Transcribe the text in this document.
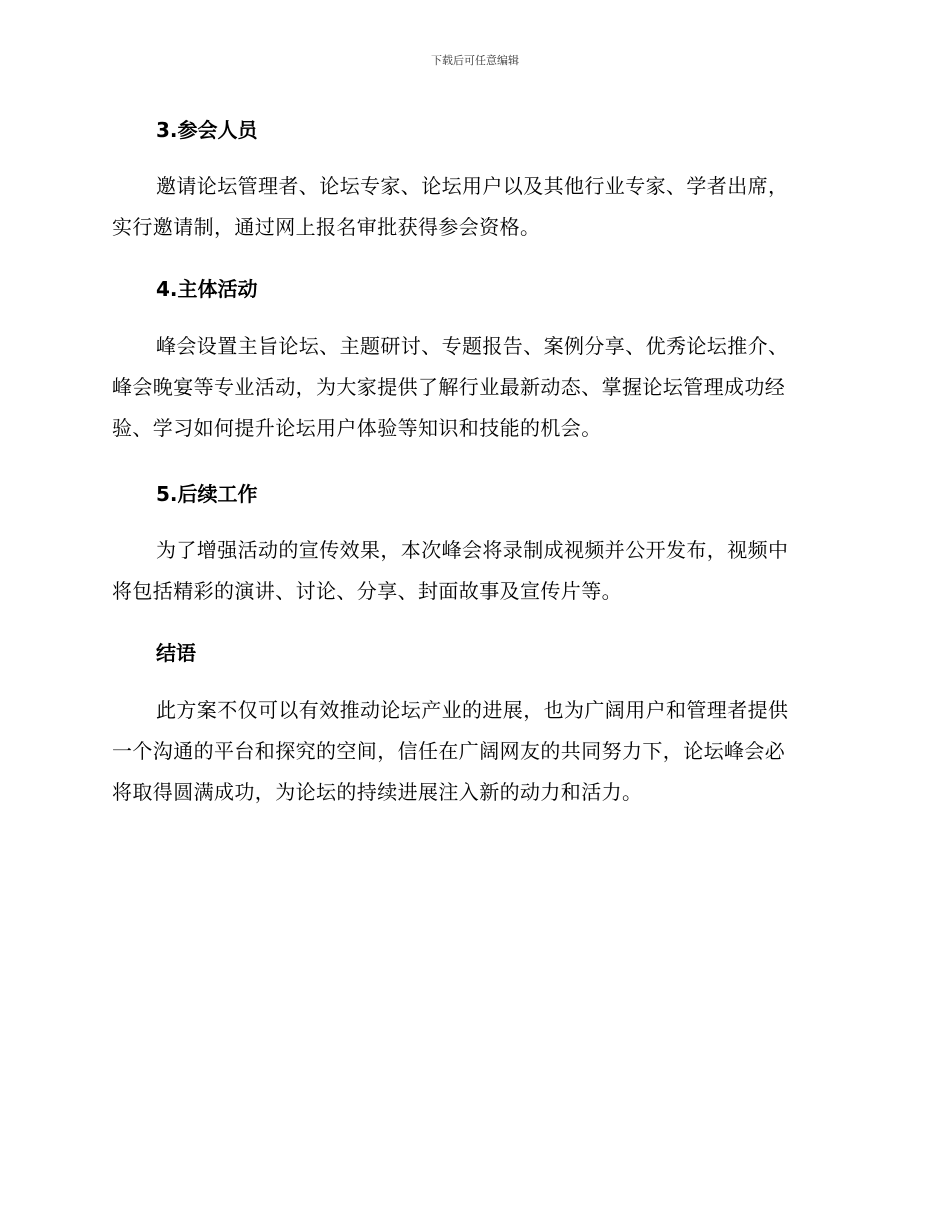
下载后可任意编辑
3.参会人员
邀请论坛管理者、论坛专家、论坛用户以及其他行业专家、学者出席，
实行邀请制，通过网上报名审批获得参会资格。
4.主体活动
峰会设置主旨论坛、主题研讨、专题报告、案例分享、优秀论坛推介、
峰会晚宴等专业活动，为大家提供了解行业最新动态、掌握论坛管理成功经
验、学习如何提升论坛用户体验等知识和技能的机会。
5.后续工作
为了增强活动的宣传效果，本次峰会将录制成视频并公开发布，视频中
将包括精彩的演讲、讨论、分享、封面故事及宣传片等。
结语
此方案不仅可以有效推动论坛产业的进展，也为广阔用户和管理者提供
一个沟通的平台和探究的空间，信任在广阔网友的共同努力下，论坛峰会必
将取得圆满成功，为论坛的持续进展注入新的动力和活力。
